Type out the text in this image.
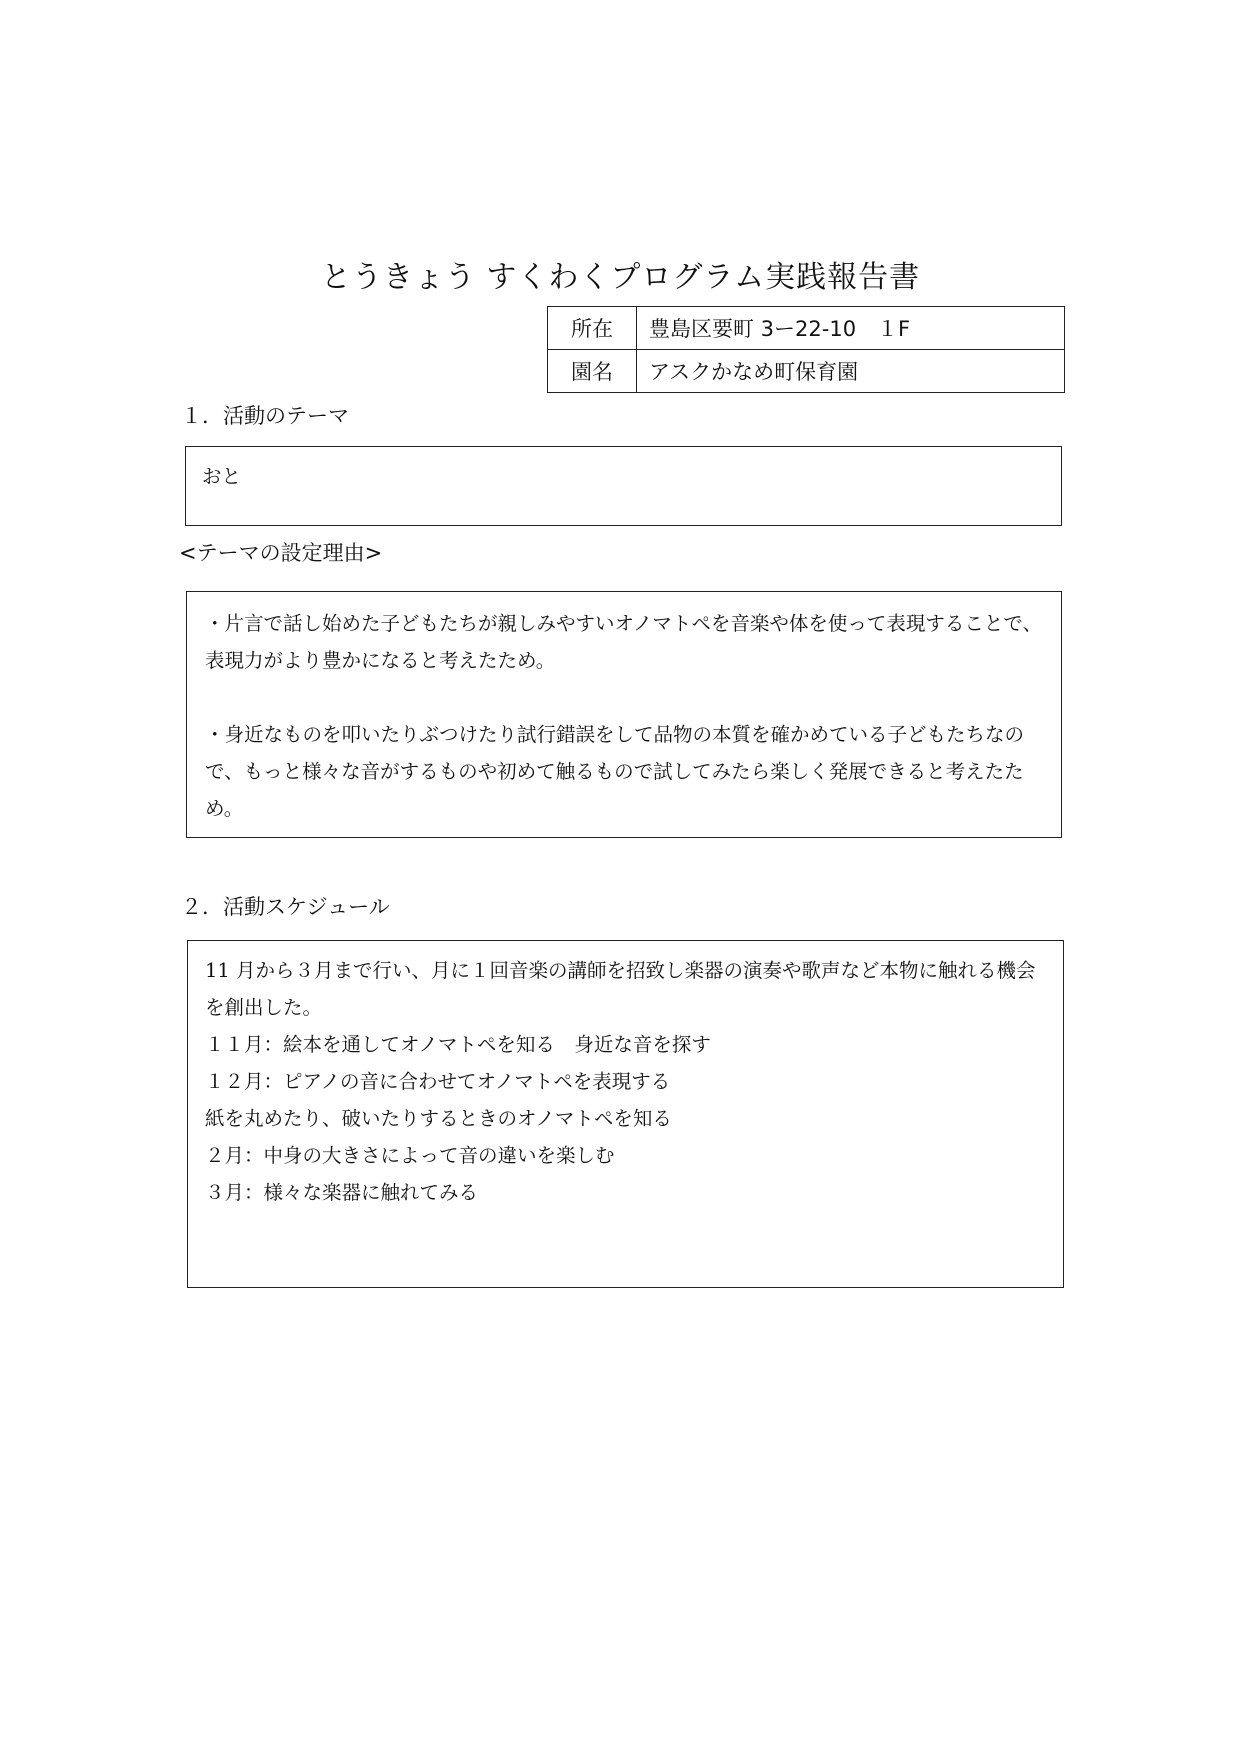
とうきょう すくわくプログラム実践報告書
所在	豊島区要町 3ー22-10　１F
園名	アスクかなめ町保育園
１．活動のテーマ

おと

<テーマの設定理由>

・片言で話し始めた子どもたちが親しみやすいオノマトペを音楽や体を使って表現することで、表現力がより豊かになると考えたため。

・身近なものを叩いたりぶつけたり試行錯誤をして品物の本質を確かめている子どもたちなので、もっと様々な音がするものや初めて触るもので試してみたら楽しく発展できると考えたため。

２．活動スケジュール

11 月から３月まで行い、月に１回音楽の講師を招致し楽器の演奏や歌声など本物に触れる機会を創出した。

１１月：絵本を通してオノマトペを知る　身近な音を探す

１２月：ピアノの音に合わせてオノマトペを表現する

紙を丸めたり、破いたりするときのオノマトペを知る

２月：中身の大きさによって音の違いを楽しむ

３月：様々な楽器に触れてみる
